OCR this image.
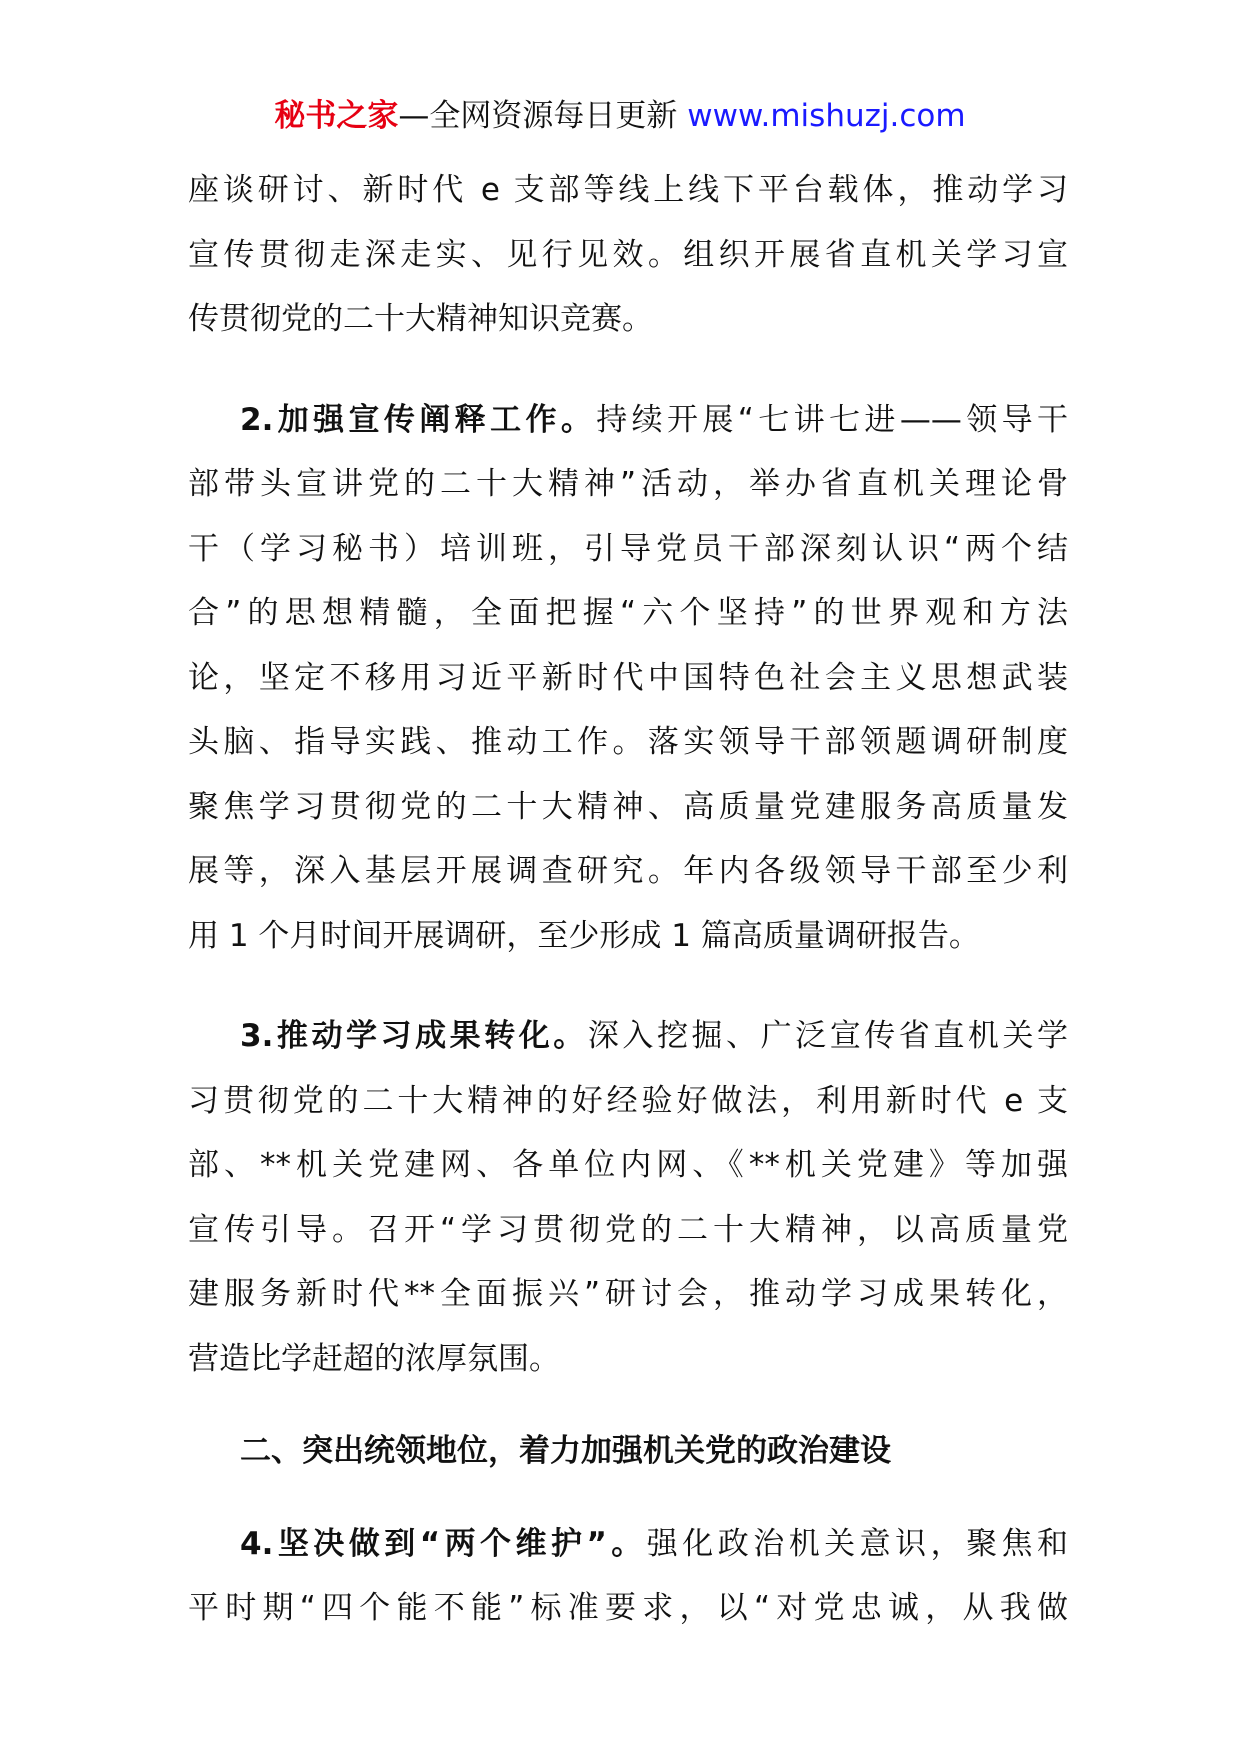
秘书之家—全网资源每日更新 www.mishuzj.com
座谈研讨、新时代 e 支部等线上线下平台载体，推动学习
宣传贯彻走深走实、见行见效。组织开展省直机关学习宣
传贯彻党的二十大精神知识竞赛。
2.加强宣传阐释工作。持续开展“七讲七进——领导干
部带头宣讲党的二十大精神”活动，举办省直机关理论骨
干（学习秘书）培训班，引导党员干部深刻认识“两个结
合”的思想精髓，全面把握“六个坚持”的世界观和方法
论，坚定不移用习近平新时代中国特色社会主义思想武装
头脑、指导实践、推动工作。落实领导干部领题调研制度
聚焦学习贯彻党的二十大精神、高质量党建服务高质量发
展等，深入基层开展调查研究。年内各级领导干部至少利
用 1 个月时间开展调研，至少形成 1 篇高质量调研报告。
3.推动学习成果转化。深入挖掘、广泛宣传省直机关学
习贯彻党的二十大精神的好经验好做法，利用新时代 e 支
部、**机关党建网、各单位内网、《**机关党建》等加强
宣传引导。召开“学习贯彻党的二十大精神，以高质量党
建服务新时代**全面振兴”研讨会，推动学习成果转化，
营造比学赶超的浓厚氛围。
二、突出统领地位，着力加强机关党的政治建设
4.坚决做到“两个维护”。强化政治机关意识，聚焦和
平时期“四个能不能”标准要求，以“对党忠诚，从我做
